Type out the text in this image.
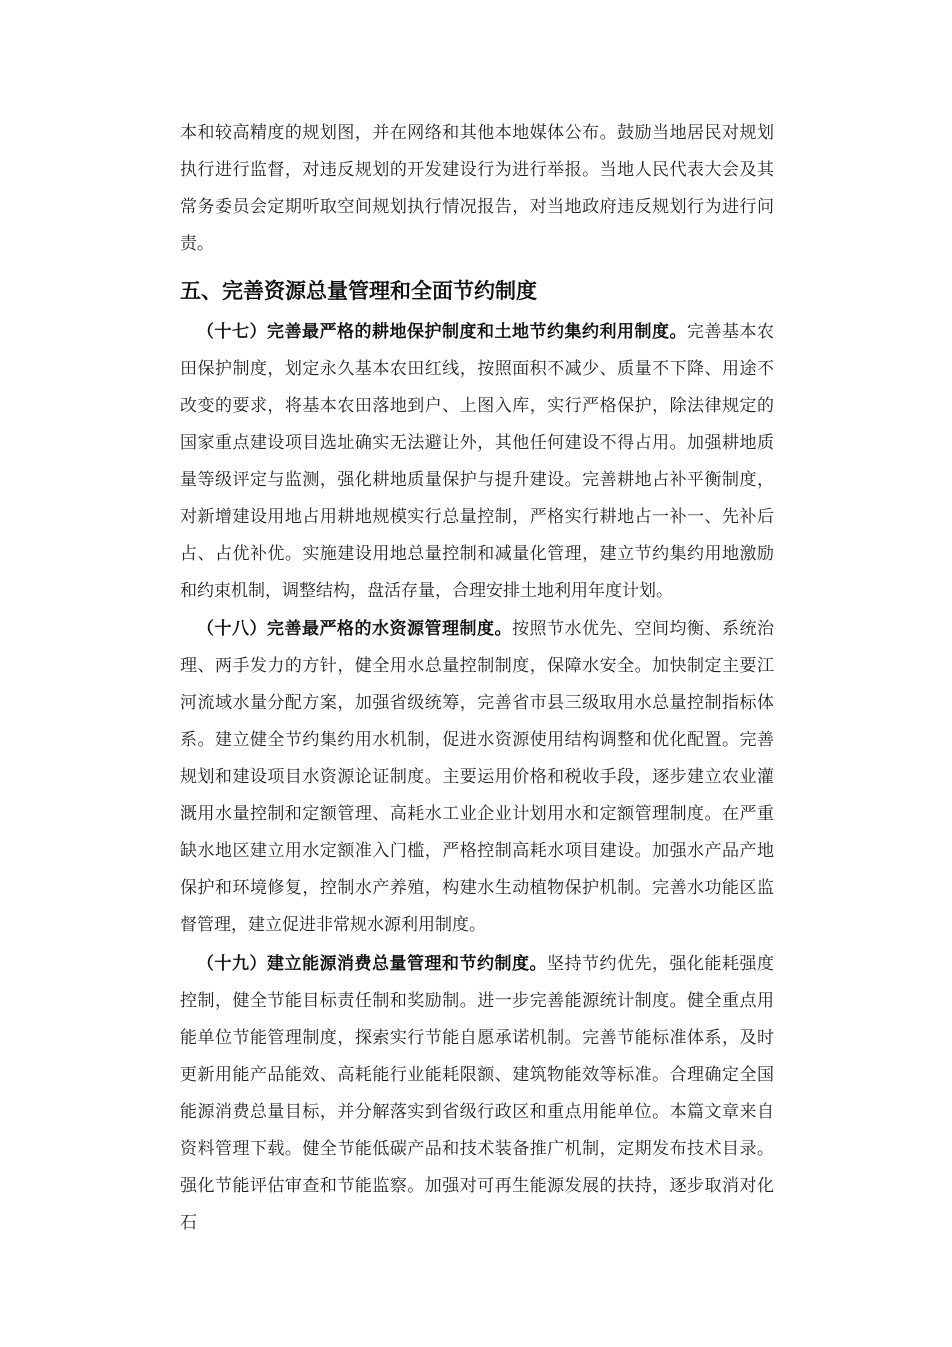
本和较高精度的规划图，并在网络和其他本地媒体公布。鼓励当地居民对规划执行进行监督，对违反规划的开发建设行为进行举报。当地人民代表大会及其常务委员会定期听取空间规划执行情况报告，对当地政府违反规划行为进行问责。

五、完善资源总量管理和全面节约制度

（十七）完善最严格的耕地保护制度和土地节约集约利用制度。完善基本农田保护制度，划定永久基本农田红线，按照面积不减少、质量不下降、用途不改变的要求，将基本农田落地到户、上图入库，实行严格保护，除法律规定的国家重点建设项目选址确实无法避让外，其他任何建设不得占用。加强耕地质量等级评定与监测，强化耕地质量保护与提升建设。完善耕地占补平衡制度，对新增建设用地占用耕地规模实行总量控制，严格实行耕地占一补一、先补后占、占优补优。实施建设用地总量控制和减量化管理，建立节约集约用地激励和约束机制，调整结构，盘活存量，合理安排土地利用年度计划。

（十八）完善最严格的水资源管理制度。按照节水优先、空间均衡、系统治理、两手发力的方针，健全用水总量控制制度，保障水安全。加快制定主要江河流域水量分配方案，加强省级统筹，完善省市县三级取用水总量控制指标体系。建立健全节约集约用水机制，促进水资源使用结构调整和优化配置。完善规划和建设项目水资源论证制度。主要运用价格和税收手段，逐步建立农业灌溉用水量控制和定额管理、高耗水工业企业计划用水和定额管理制度。在严重缺水地区建立用水定额准入门槛，严格控制高耗水项目建设。加强水产品产地保护和环境修复，控制水产养殖，构建水生动植物保护机制。完善水功能区监督管理，建立促进非常规水源利用制度。

（十九）建立能源消费总量管理和节约制度。坚持节约优先，强化能耗强度控制，健全节能目标责任制和奖励制。进一步完善能源统计制度。健全重点用能单位节能管理制度，探索实行节能自愿承诺机制。完善节能标准体系，及时更新用能产品能效、高耗能行业能耗限额、建筑物能效等标准。合理确定全国能源消费总量目标，并分解落实到省级行政区和重点用能单位。本篇文章来自资料管理下载。健全节能低碳产品和技术装备推广机制，定期发布技术目录。强化节能评估审查和节能监察。加强对可再生能源发展的扶持，逐步取消对化石
